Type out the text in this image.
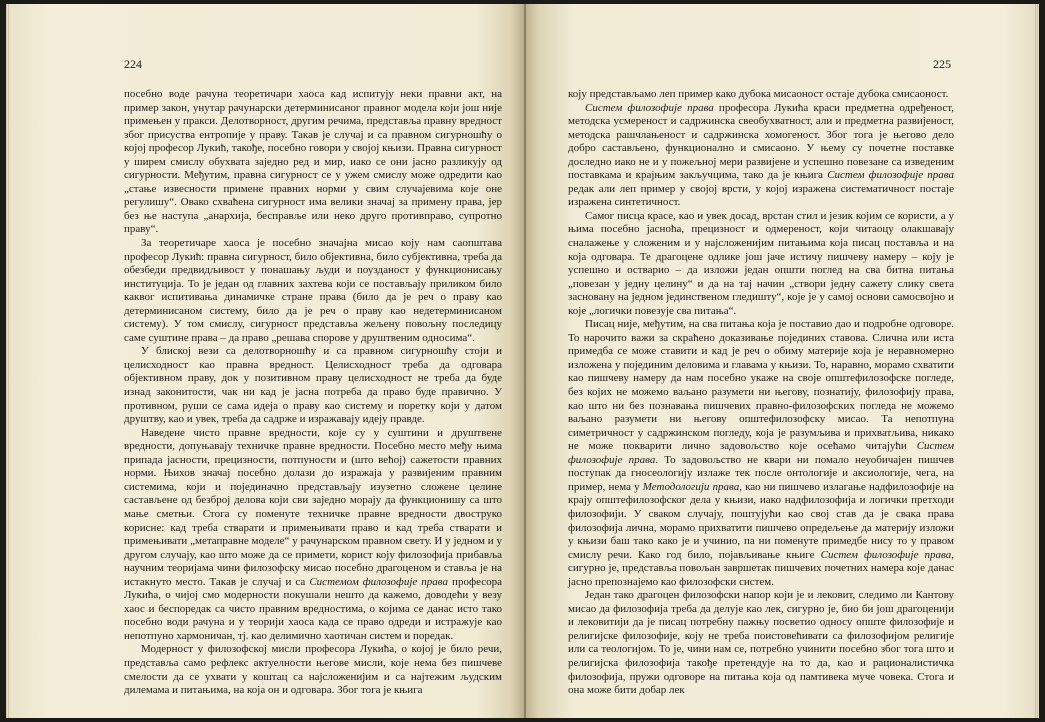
224

посебно воде рачуна теоретичари хаоса кад испитују неки правни акт, на пример закон, унутар рачунарски детерминисаног правног модела који још није примењен у пракси. Делотворност, другим речима, представља правну вредност због присуства ентропије у праву. Такав је случај и са правном сигурношћу о којој професор Лукић, такође, посебно говори у својој књизи. Правна сигурност у ширем смислу обухвата заједно ред и мир, иако се они јасно разликују од сигурности. Међутим, правна сигурност се у ужем смислу може одредити као „стање извесности примене правних норми у свим случајевима које оне регулишу“. Овако схваћена сигурност има велики значај за примену права, јер без ње наступа „анархија, бесправље или неко друго противправо, супротно праву“.

За теоретичаре хаоса је посебно значајна мисао коју нам саопштава професор Лукић: правна сигурност, било објективна, било субјективна, треба да обезбеди предвидљивост у понашању људи и поузданост у функционисању институција. То је један од главних захтева који се постављају приликом било каквог испитивања динамичке стране права (било да је реч о праву као детерминисаном систему, било да је реч о праву као недетерминисаном систему). У том смислу, сигурност представља жељену повољну последицу саме суштине права – да право „решава спорове у друштвеним односима“.

У блиској вези са делотворношћу и са правном сигурношћу стоји и целисходност као правна вредност. Целисходност треба да одговара објективном праву, док у позитивном праву целисходност не треба да буде изнад законитости, чак ни кад је јасна потреба да право буде правично. У противном, руши се сама идеја о праву као систему и поретку који у датом друштву, као и увек, треба да садрже и изражавају идеју правде.

Наведене чисто правне вредности, које су у суштини и друштвене вредности, допуњавају техничке правне вредности. Посебно место међу њима припада јасности, прецизности, потпуности и (што већој) сажетости правних норми. Њихов значај посебно долази до изражаја у развијеним правним системима, који и појединачно представљају изузетно сложене целине састављене од безброј делова који сви заједно морају да функционишу са што мање сметњи. Стога су поменуте техничке правне вредности двоструко корисне: кад треба стварати и примењивати право и кад треба стварати и примењивати „метаправне моделе“ у рачунарском правном свету. И у једном и у другом случају, као што може да се примети, корист коју филозофија прибавља научним теоријама чини филозофску мисао посебно драгоценом и ставља је на истакнуто место. Такав је случај и са Системом филозофије права професора Лукића, о чијој смо модерности покушали нешто да кажемо, доводећи у везу хаос и беспоредак са чисто правним вредностима, о којима се данас исто тако посебно води рачуна и у теорији хаоса када се право одреди и истражује као непотпуно хармоничан, тј. као делимично хаотичан систем и поредак.

Модерност у филозофској мисли професора Лукића, о којој је било речи, представља само рефлекс актуелности његове мисли, које нема без пишчеве смелости да се ухвати у коштац са најсложенијим и са најтежим људским дилемама и питањима, на која он и одговара. Због тога је књига

225

коју представљамо леп пример како дубока мисаоност остаје дубока смисаоност.

Систем филозофије права професора Лукића краси предметна одређеност, методска усмереност и садржинска свеобухватност, али и предметна развијеност, методска рашчлањеност и садржинска хомогеност. Због тога је његово дело добро састављено, функционално и смисаоно. У њему су почетне поставке доследно иако не и у пожељној мери развијене и успешно повезане са изведеним поставкама и крајњим закључцима, тако да је књига Систем филозофије права редак али леп пример у својој врсти, у којој изражена систематичност постаје изражена синтетичност.

Самог писца красе, као и увек досад, врстан стил и језик којим се користи, а у њима посебно јасноћа, прецизност и одмереност, који читаоцу олакшавају сналажење у сложеним и у најсложенијим питањима која писац поставља и на која одговара. Те драгоцене одлике још јаче истичу пишчеву намеру – коју је успешно и остварио – да изложи један општи поглед на сва битна питања „повезан у једну целину“ и да на тај начин „створи једну сажету слику света засновану на једном јединственом гледишту“, које је у самој основи самосвојно и које „логички повезује сва питања“.

Писац није, међутим, на сва питања која је поставио дао и подробне одговоре. То нарочито важи за скраћено доказивање појединих ставова. Слична или иста примедба се може ставити и кад је реч о обиму материје која је неравномерно изложена у појединим деловима и главама у књизи. То, наравно, морамо схватити као пишчеву намеру да нам посебно укаже на своје општефилозофске погледе, без којих не можемо ваљано разумети ни његову, познатију, филозофију права, као што ни без познавања пишчевих правно-филозофских погледа не можемо ваљано разумети ни његову општефилозофску мисао. Та непотпуна симетричност у садржинском погледу, која је разумљива и прихватљива, никако не може покварити лично задовољство које осећамо читајући Систем филозофије права. То задовољство не квари ни помало неуобичајен пишчев поступак да гносеологију излаже тек после онтологије и аксиологије, чега, на пример, нема у Методологији права, као ни пишчево излагање надфилозофије на крају општефилозофског дела у књизи, иако надфилозофија и логички претходи филозофији. У сваком случају, поштујући као свој став да је свака права филозофија лична, морамо прихватити пишчево опредељење да материју изложи у књизи баш тако како је и учинио, па ни поменуте примедбе нису то у правом смислу речи. Како год било, појављивање књиге Систем филозофије права, сигурно је, представља повољан завршетак пишчевих почетних намера које данас јасно препознајемо као филозофски систем.

Један тако драгоцен филозофски напор који је и лековит, следимо ли Кантову мисао да филозофија треба да делује као лек, сигурно је, био би још драгоценији и лековитији да је писац потребну пажњу посветио односу опште филозофије и религијске филозофије, коју не треба поистовећивати са филозофијом религије или са теологијом. То је, чини нам се, потребно учинити посебно због тога што и религијска филозофија такође претендује на то да, као и рационалистичка филозофија, пружи одговоре на питања која од памтивека муче човека. Стога и она може бити добар лек
